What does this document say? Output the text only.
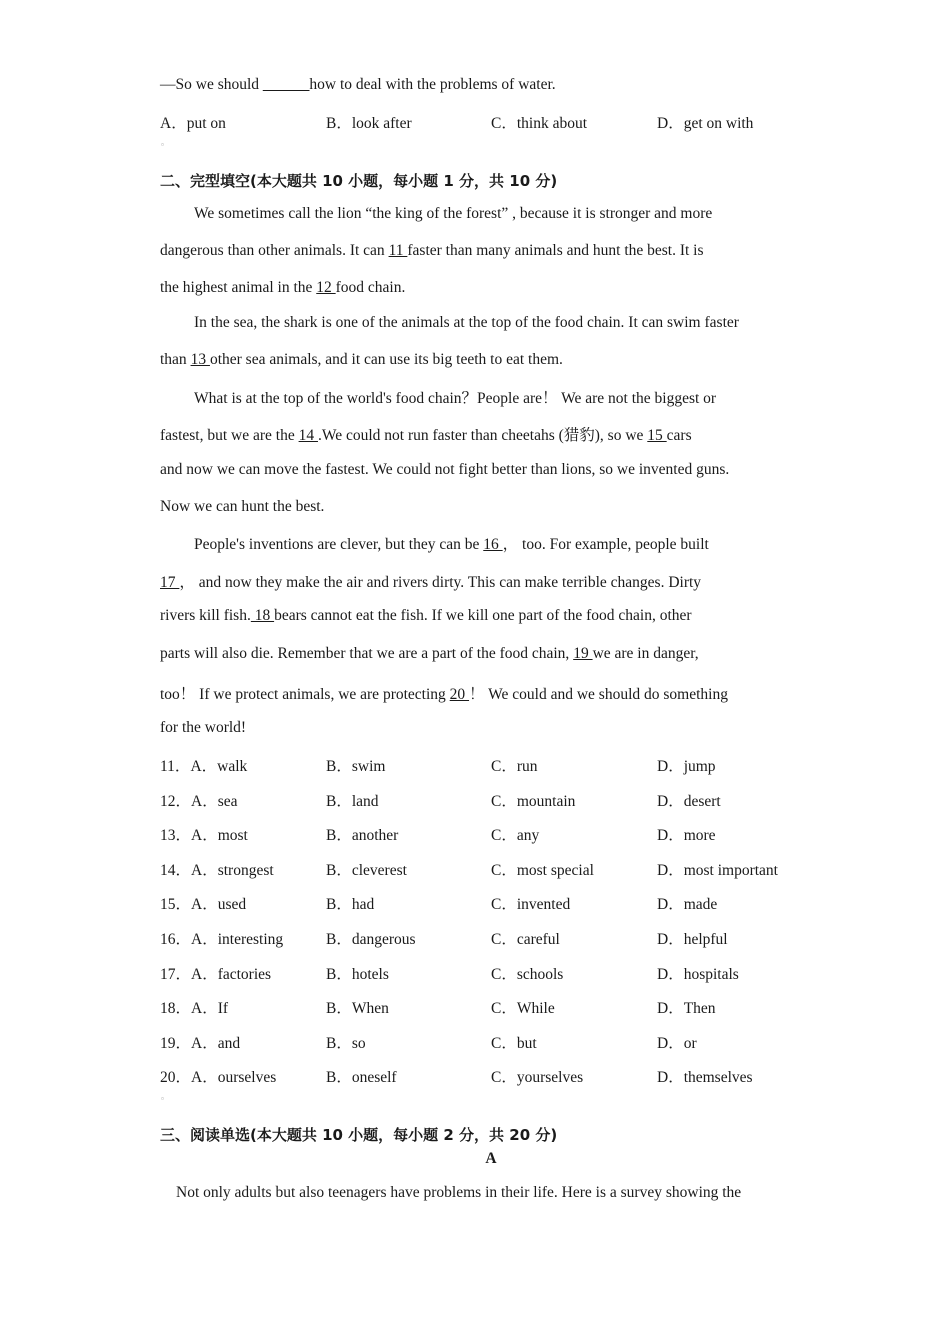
—So we should ______how to deal with the problems of water.
A．put on	B．look after	C．think about	D．get on with
▫
二、完型填空(本大题共 10 小题，每小题 1 分，共 10 分)
We sometimes call the lion “the king of the forest” , because it is stronger and more
dangerous than other animals. It can 11 faster than many animals and hunt the best. It is
the highest animal in the 12 food chain.
In the sea, the shark is one of the animals at the top of the food chain. It can swim faster
than 13 other sea animals, and it can use its big teeth to eat them.
What is at the top of the world's food chain？People are！ We are not the biggest or
fastest, but we are the 14 .We could not run faster than cheetahs (猎豹), so we 15 cars
and now we can move the fastest. We could not fight better than lions, so we invented guns.
Now we can hunt the best.
People's inventions are clever, but they can be 16 ， too. For example, people built
17 ， and now they make the air and rivers dirty. This can make terrible changes. Dirty
rivers kill fish. 18 bears cannot eat the fish. If we kill one part of the food chain, other
parts will also die. Remember that we are a part of the food chain, 19 we are in danger,
too！ If we protect animals, we are protecting 20 ！ We could and we should do something
for the world!
11．A．walk	B．swim	C．run	D．jump
12．A．sea	B．land	C．mountain	D．desert
13．A．most	B．another	C．any	D．more
14．A．strongest	B．cleverest	C．most special	D．most important
15．A．used	B．had	C．invented	D．made
16．A．interesting	B．dangerous	C．careful	D．helpful
17．A．factories	B．hotels	C．schools	D．hospitals
18．A．If	B．When	C．While	D．Then
19．A．and	B．so	C．but	D．or
20．A．ourselves	B．oneself	C．yourselves	D．themselves
▫
三、阅读单选(本大题共 10 小题，每小题 2 分，共 20 分)
A
Not only adults but also teenagers have problems in their life. Here is a survey showing the
